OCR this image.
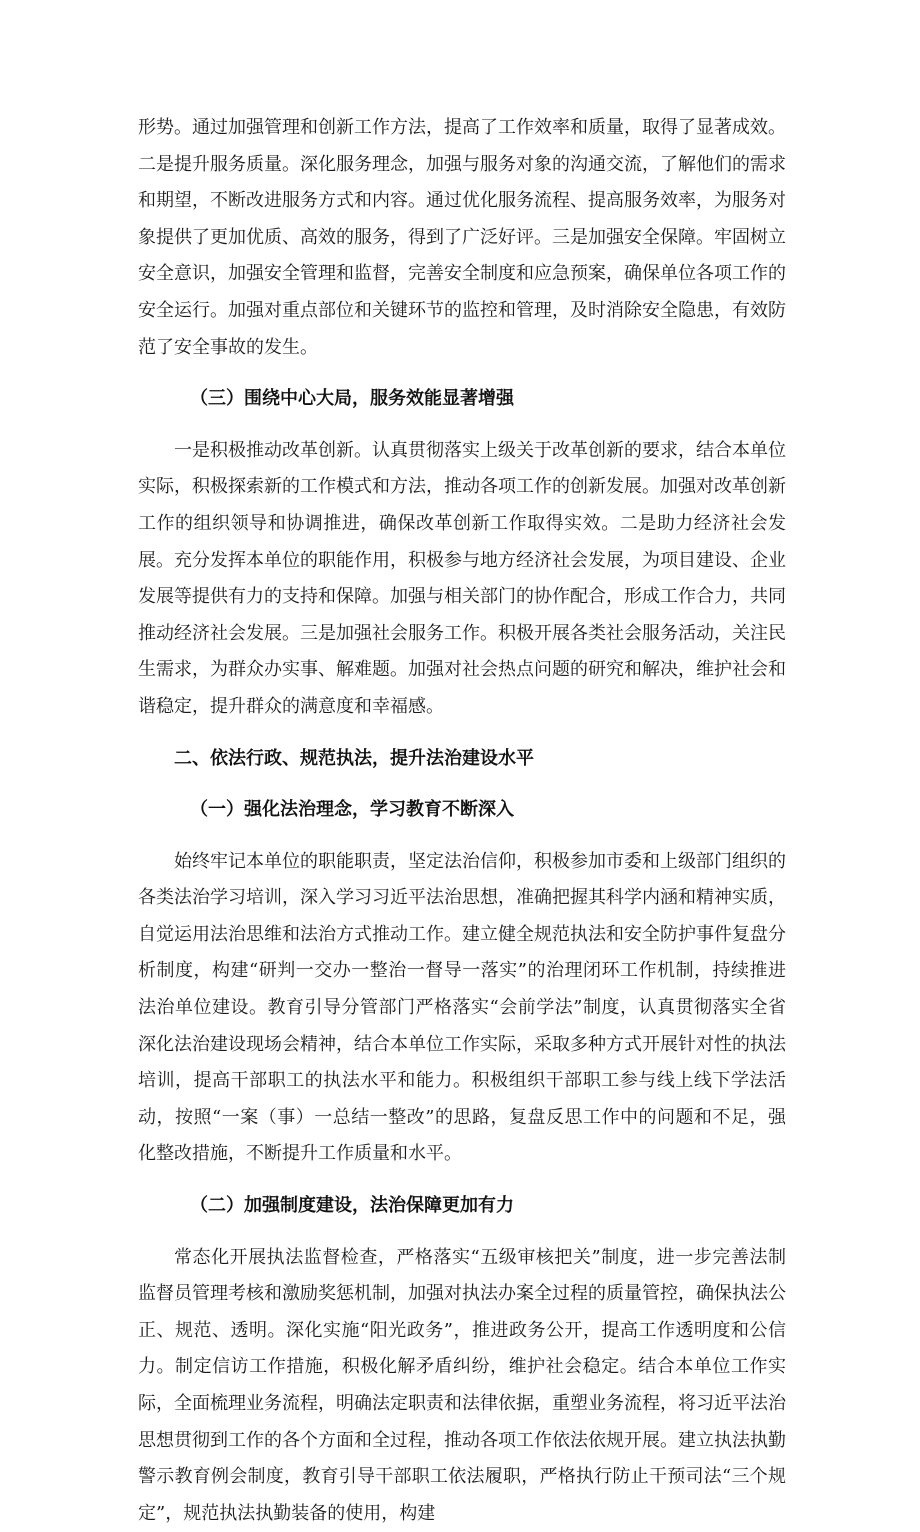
形势。通过加强管理和创新工作方法，提高了工作效率和质量，取得了显著成效。二是提升服务质量。深化服务理念，加强与服务对象的沟通交流，了解他们的需求和期望，不断改进服务方式和内容。通过优化服务流程、提高服务效率，为服务对象提供了更加优质、高效的服务，得到了广泛好评。三是加强安全保障。牢固树立安全意识，加强安全管理和监督，完善安全制度和应急预案，确保单位各项工作的安全运行。加强对重点部位和关键环节的监控和管理，及时消除安全隐患，有效防范了安全事故的发生。

（三）围绕中心大局，服务效能显著增强

一是积极推动改革创新。认真贯彻落实上级关于改革创新的要求，结合本单位实际，积极探索新的工作模式和方法，推动各项工作的创新发展。加强对改革创新工作的组织领导和协调推进，确保改革创新工作取得实效。二是助力经济社会发展。充分发挥本单位的职能作用，积极参与地方经济社会发展，为项目建设、企业发展等提供有力的支持和保障。加强与相关部门的协作配合，形成工作合力，共同推动经济社会发展。三是加强社会服务工作。积极开展各类社会服务活动，关注民生需求，为群众办实事、解难题。加强对社会热点问题的研究和解决，维护社会和谐稳定，提升群众的满意度和幸福感。

二、依法行政、规范执法，提升法治建设水平
（一）强化法治理念，学习教育不断深入

始终牢记本单位的职能职责，坚定法治信仰，积极参加市委和上级部门组织的各类法治学习培训，深入学习习近平法治思想，准确把握其科学内涵和精神实质，自觉运用法治思维和法治方式推动工作。建立健全规范执法和安全防护事件复盘分析制度，构建“研判一交办一整治一督导一落实”的治理闭环工作机制，持续推进法治单位建设。教育引导分管部门严格落实“会前学法”制度，认真贯彻落实全省深化法治建设现场会精神，结合本单位工作实际，采取多种方式开展针对性的执法培训，提高干部职工的执法水平和能力。积极组织干部职工参与线上线下学法活动，按照“一案（事）一总结一整改”的思路，复盘反思工作中的问题和不足，强化整改措施，不断提升工作质量和水平。

（二）加强制度建设，法治保障更加有力

常态化开展执法监督检查，严格落实“五级审核把关”制度，进一步完善法制监督员管理考核和激励奖惩机制，加强对执法办案全过程的质量管控，确保执法公正、规范、透明。深化实施“阳光政务”，推进政务公开，提高工作透明度和公信力。制定信访工作措施，积极化解矛盾纠纷，维护社会稳定。结合本单位工作实际，全面梳理业务流程，明确法定职责和法律依据，重塑业务流程，将习近平法治思想贯彻到工作的各个方面和全过程，推动各项工作依法依规开展。建立执法执勤警示教育例会制度，教育引导干部职工依法履职，严格执行防止干预司法“三个规定”，规范执法执勤装备的使用，构建
